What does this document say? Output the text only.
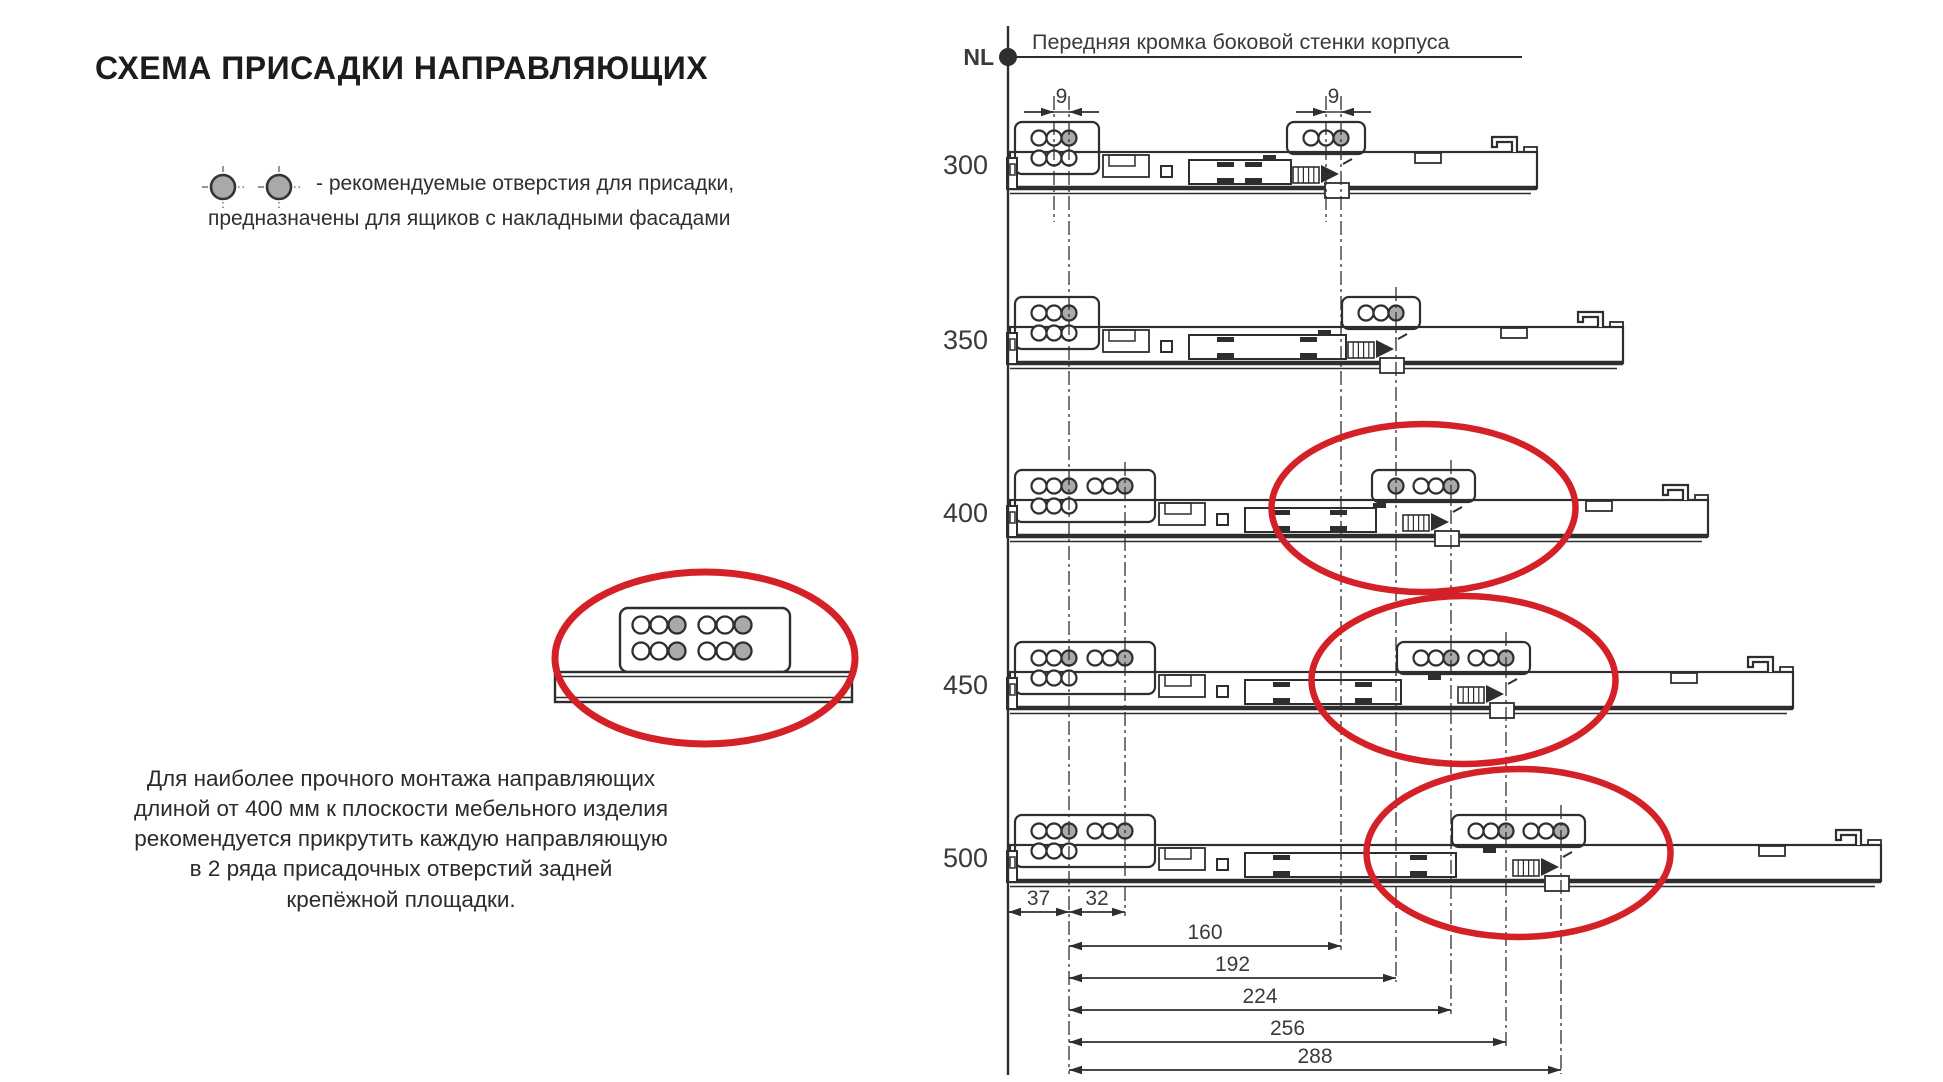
300
350
400
450
500
9	9
37 32
160
192
224
256
288
NL
Передняя кромка боковой стенки корпуса
СХЕМА ПРИСАДКИ НАПРАВЛЯЮЩИХ
- рекомендуемые отверстия для присадки,
предназначены для ящиков с накладными фасадами
Для наиболее прочного монтажа направляющих
длиной от 400 мм к плоскости мебельного изделия
рекомендуется прикрутить каждую направляющую
в 2 ряда присадочных отверстий задней
крепёжной площадки.
